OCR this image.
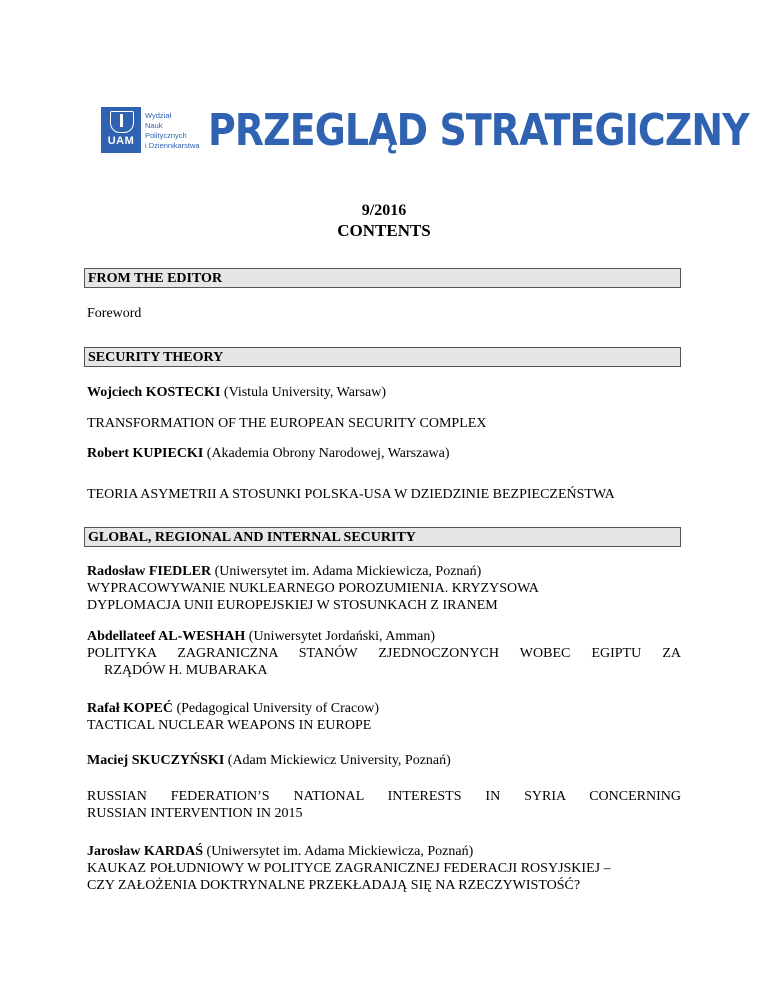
UAM
Wydział
Nauk Politycznych
i Dziennikarstwa PRZEGLĄD STRATEGICZNY
9/2016
CONTENTS
FROM THE EDITOR
Foreword
SECURITY THEORY
Wojciech KOSTECKI (Vistula University, Warsaw)
TRANSFORMATION OF THE EUROPEAN SECURITY COMPLEX
Robert KUPIECKI (Akademia Obrony Narodowej, Warszawa)
TEORIA ASYMETRII A STOSUNKI POLSKA-USA W DZIEDZINIE BEZPIECZEŃSTWA
GLOBAL, REGIONAL AND INTERNAL SECURITY
Radosław FIEDLER (Uniwersytet im. Adama Mickiewicza, Poznań)
WYPRACOWYWANIE NUKLEARNEGO POROZUMIENIA. KRYZYSOWA
DYPLOMACJA UNII EUROPEJSKIEJ W STOSUNKACH Z IRANEM
Abdellateef AL-WESHAH (Uniwersytet Jordański, Amman)
POLITYKA ZAGRANICZNA STANÓW ZJEDNOCZONYCH WOBEC EGIPTU ZA
RZĄDÓW H. MUBARAKA
Rafał KOPEĆ (Pedagogical University of Cracow)
TACTICAL NUCLEAR WEAPONS IN EUROPE
Maciej SKUCZYŃSKI (Adam Mickiewicz University, Poznań)
RUSSIAN FEDERATION’S NATIONAL INTERESTS IN SYRIA CONCERNING
RUSSIAN INTERVENTION IN 2015
Jarosław KARDAŚ (Uniwersytet im. Adama Mickiewicza, Poznań)
KAUKAZ POŁUDNIOWY W POLITYCE ZAGRANICZNEJ FEDERACJI ROSYJSKIEJ –
CZY ZAŁOŻENIA DOKTRYNALNE PRZEKŁADAJĄ SIĘ NA RZECZYWISTOŚĆ?
